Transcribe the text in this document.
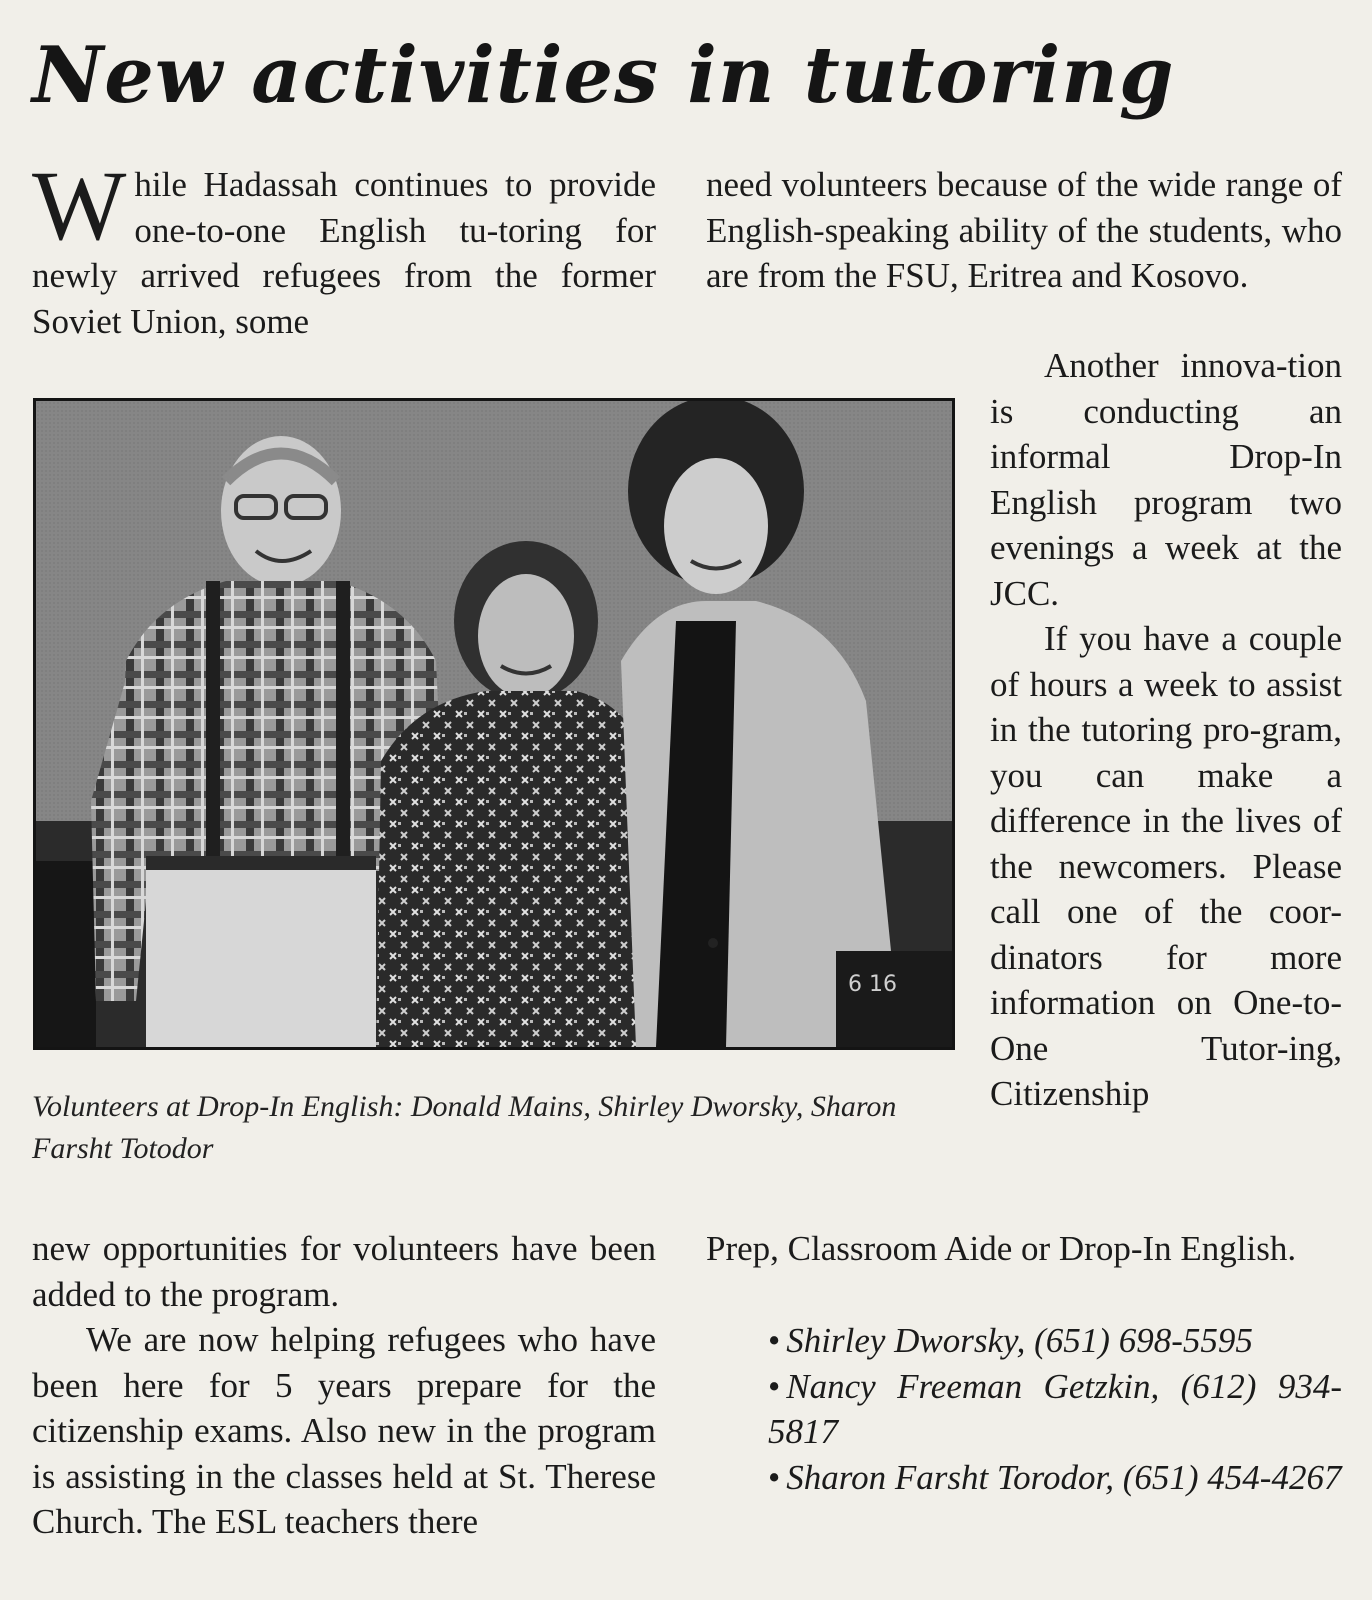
New activities in tutoring
While Hadassah continues to provide one-to-one English tu-toring for newly arrived refugees from the former Soviet Union, some

need volunteers because of the wide range of English-speaking ability of the students, who are from the FSU, Eritrea and Kosovo.

Another innova-tion is conducting an informal Drop-In English program two evenings a week at the JCC.

If you have a couple of hours a week to assist in the tutoring pro-gram, you can make a difference in the lives of the newcomers. Please call one of the coor-dinators for more information on One-to-One Tutor-ing, Citizenship

Prep, Classroom Aide or Drop-In English.

6 16

Volunteers at Drop-In English: Donald Mains, Shirley Dworsky, Sharon Farsht Totodor

new opportunities for volunteers have been added to the program.

We are now helping refugees who have been here for 5 years prepare for the citizenship exams. Also new in the program is assisting in the classes held at St. Therese Church. The ESL teachers there

• Shirley Dworsky, (651) 698-5595
• Nancy Freeman Getzkin, (612) 934-5817
• Sharon Farsht Torodor, (651) 454-4267
